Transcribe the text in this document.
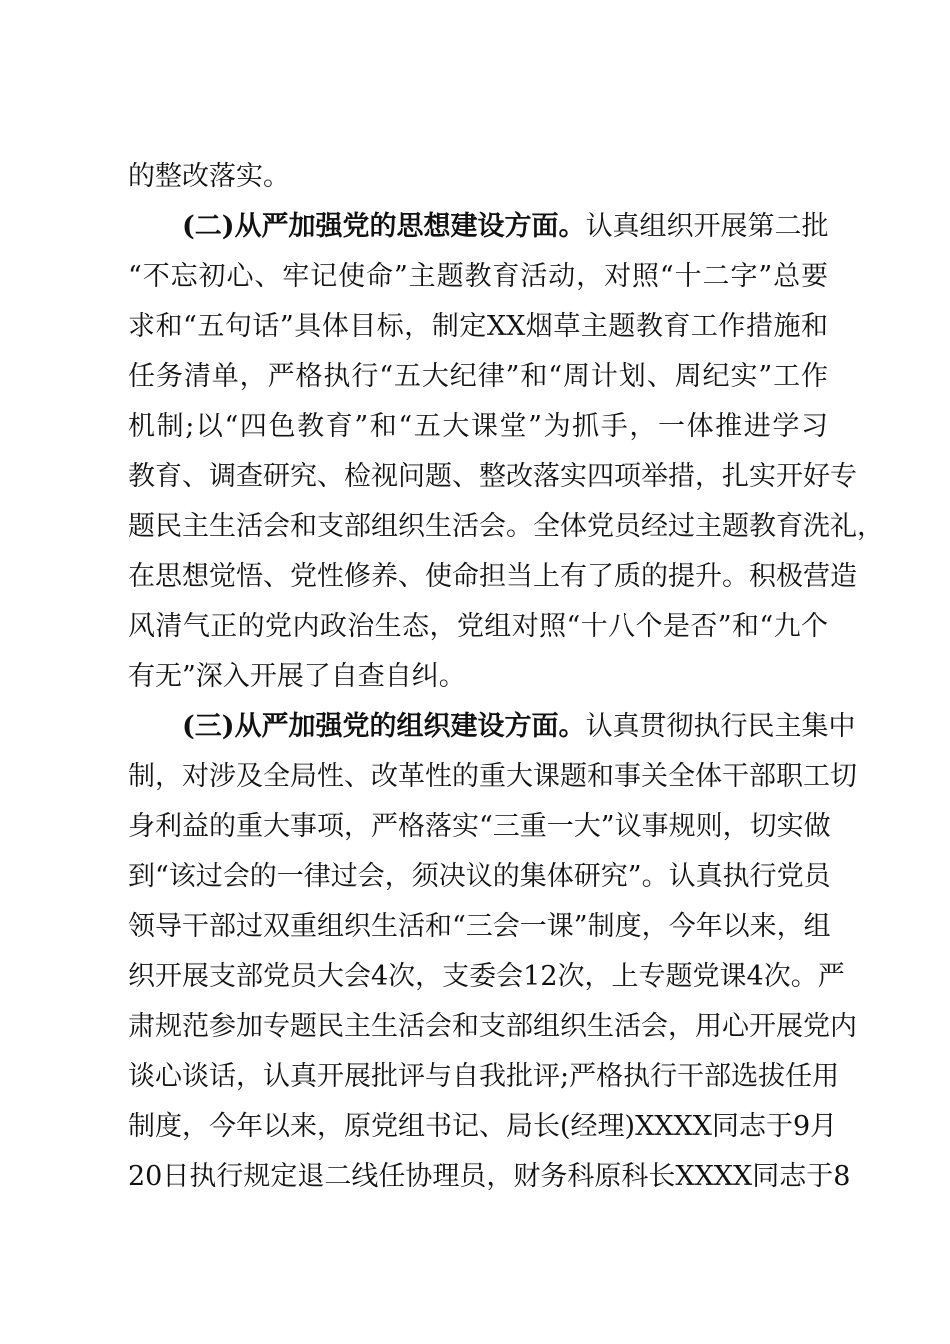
的整改落实。
(二)从严加强党的思想建设方面。认真组织开展第二批
“不忘初心、牢记使命”主题教育活动，对照“十二字”总要
求和“五句话”具体目标，制定XX烟草主题教育工作措施和
任务清单，严格执行“五大纪律”和“周计划、周纪实”工作
机制;以“四色教育”和“五大课堂”为抓手，一体推进学习
教育、调查研究、检视问题、整改落实四项举措，扎实开好专
题民主生活会和支部组织生活会。全体党员经过主题教育洗礼，
在思想觉悟、党性修养、使命担当上有了质的提升。积极营造
风清气正的党内政治生态，党组对照“十八个是否”和“九个
有无”深入开展了自查自纠。
(三)从严加强党的组织建设方面。认真贯彻执行民主集中
制，对涉及全局性、改革性的重大课题和事关全体干部职工切
身利益的重大事项，严格落实“三重一大”议事规则，切实做
到“该过会的一律过会，须决议的集体研究”。认真执行党员
领导干部过双重组织生活和“三会一课”制度，今年以来，组
织开展支部党员大会4次，支委会12次，上专题党课4次。严
肃规范参加专题民主生活会和支部组织生活会，用心开展党内
谈心谈话，认真开展批评与自我批评;严格执行干部选拔任用
制度，今年以来，原党组书记、局长(经理)XXXX同志于9月
20日执行规定退二线任协理员，财务科原科长XXXX同志于8
